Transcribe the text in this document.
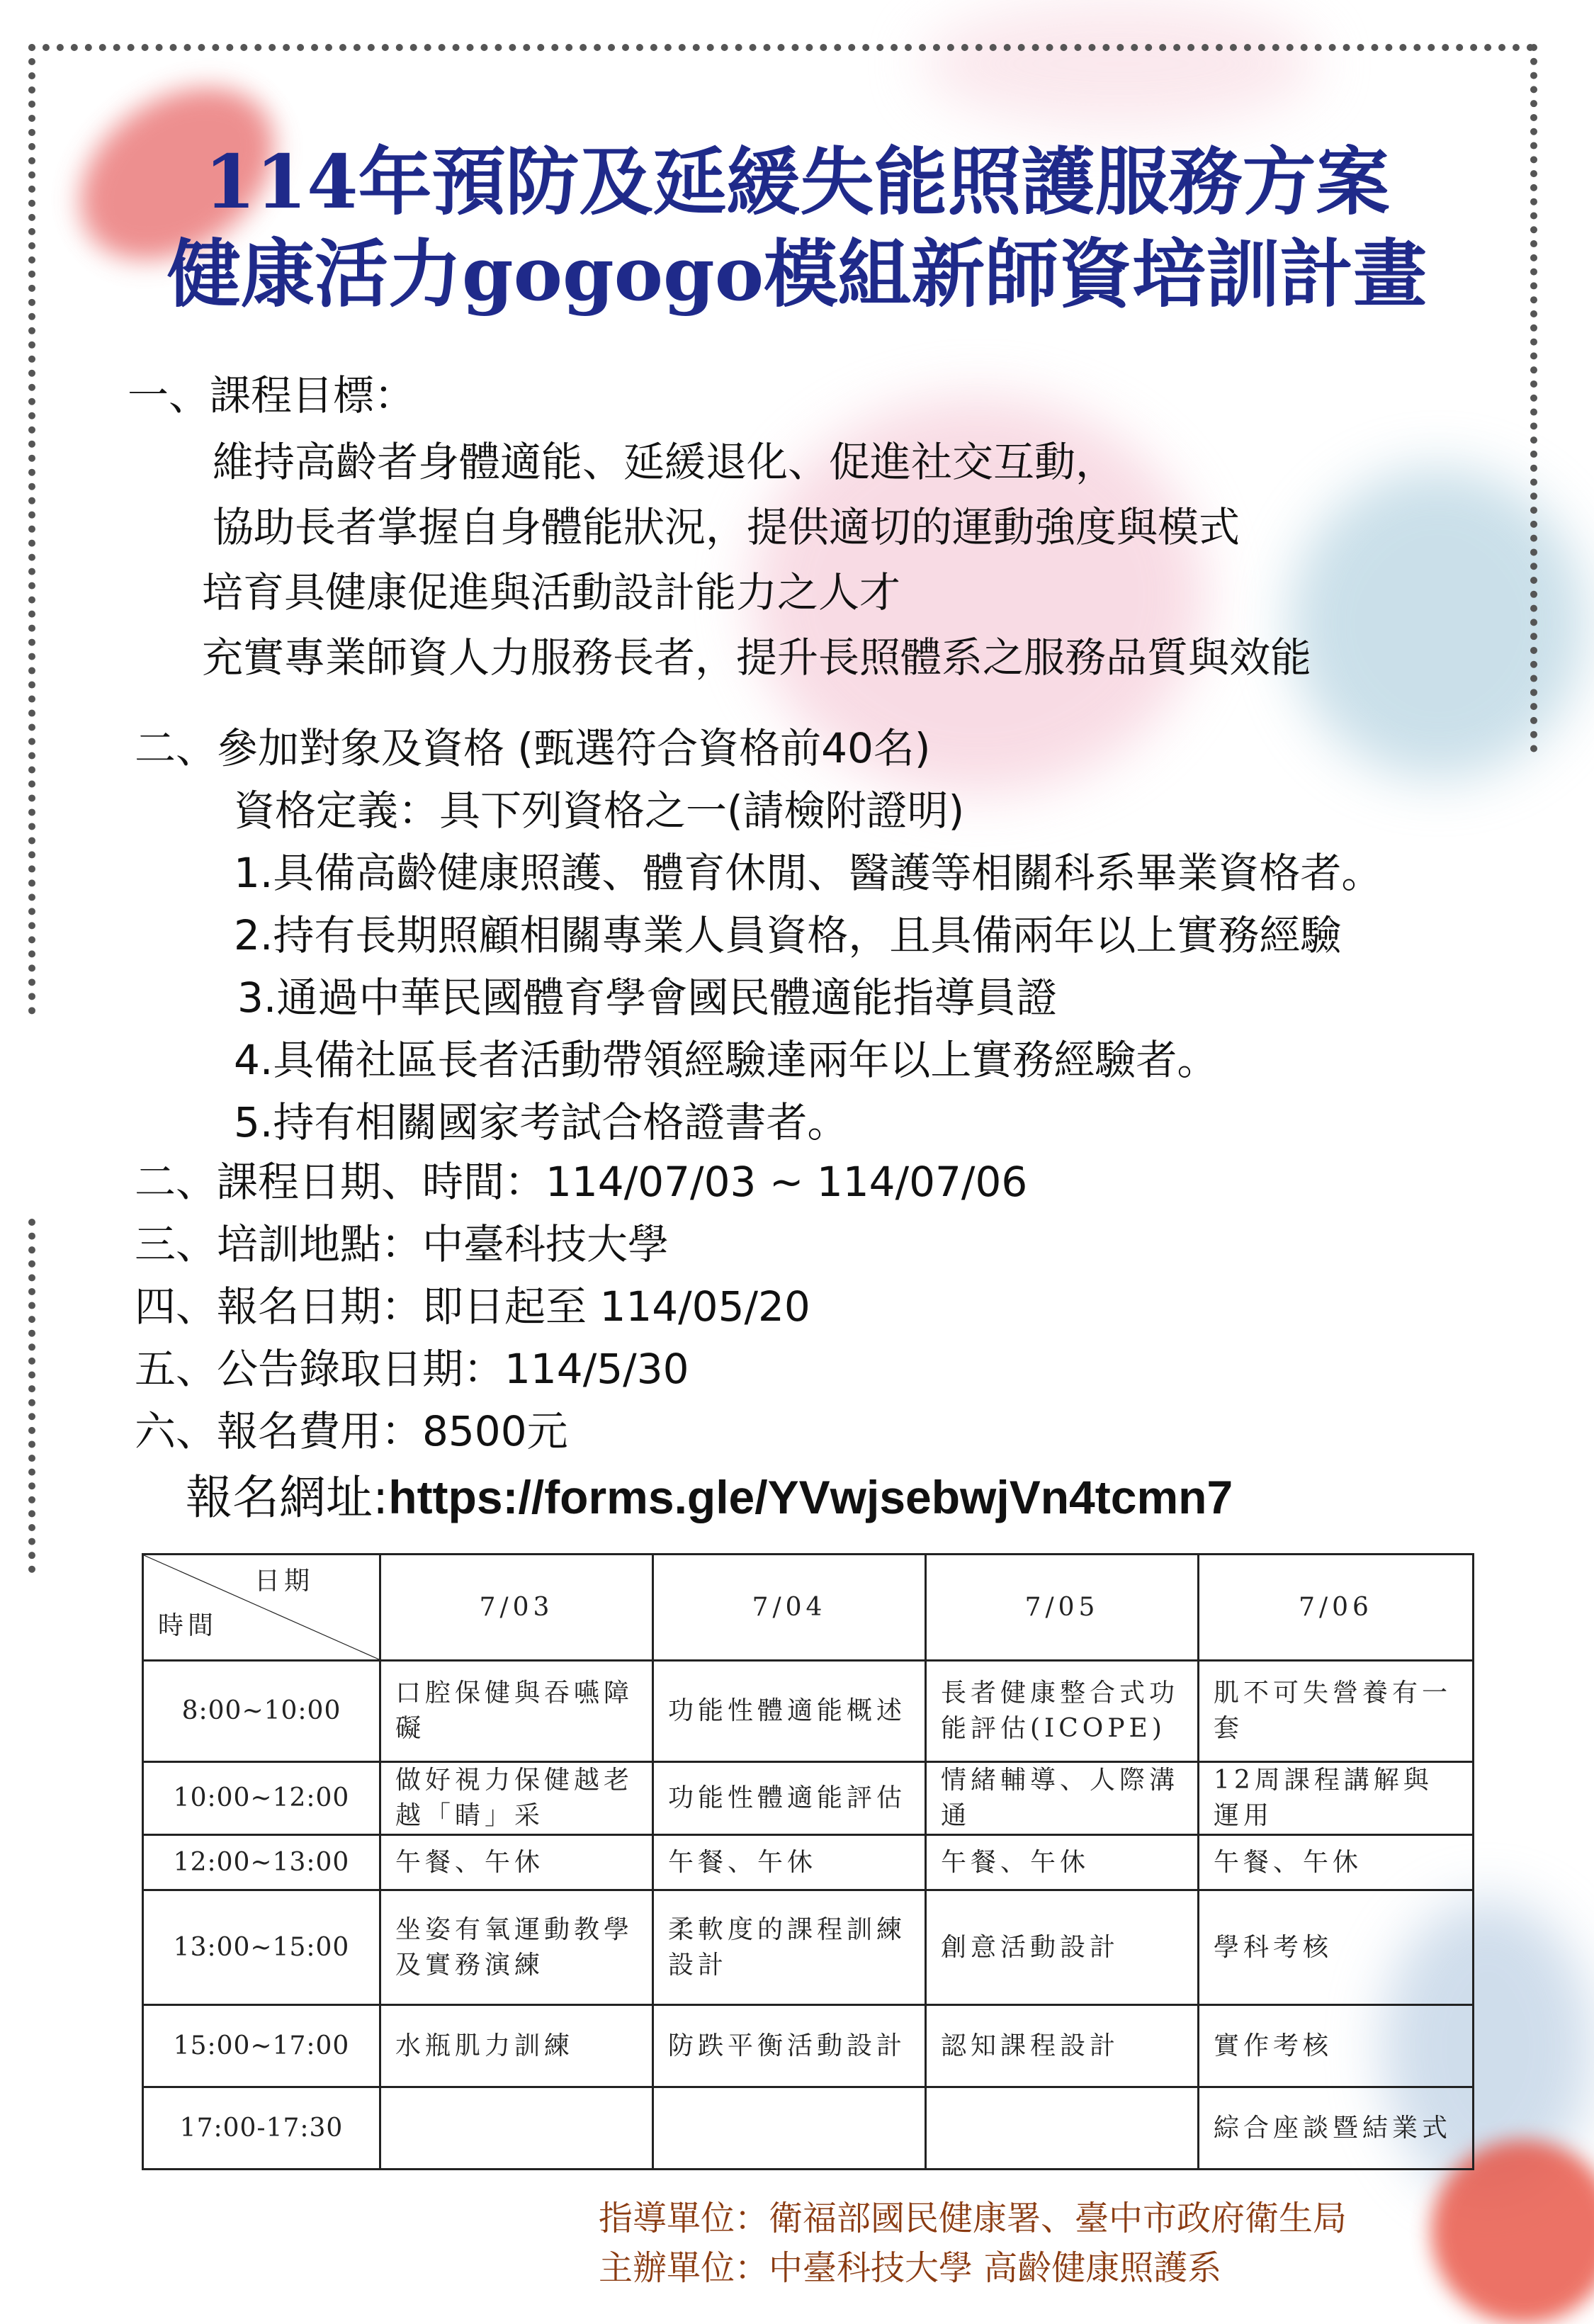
114年預防及延緩失能照護服務方案
健康活力gogogo模組新師資培訓計畫
一、課程目標：
維持高齡者身體適能、延緩退化、促進社交互動，
協助長者掌握自身體能狀況，提供適切的運動強度與模式
培育具健康促進與活動設計能力之人才
充實專業師資人力服務長者，提升長照體系之服務品質與效能
二、參加對象及資格 (甄選符合資格前40名)
資格定義：具下列資格之一(請檢附證明)
1.具備高齡健康照護、體育休閒、醫護等相關科系畢業資格者。
2.持有長期照顧相關專業人員資格，且具備兩年以上實務經驗
3.通過中華民國體育學會國民體適能指導員證
4.具備社區長者活動帶領經驗達兩年以上實務經驗者。
5.持有相關國家考試合格證書者。
二、課程日期、時間：114/07/03 ~ 114/07/06
三、培訓地點：中臺科技大學
四、報名日期：即日起至 114/05/20
五、公告錄取日期：114/5/30
六、報名費用：8500元
報名網址:https://forms.gle/YVwjsebwjVn4tcmn7
日期
時間	7/03	7/04	7/05	7/06
8:00~10:00	口腔保健與吞嚥障礙	功能性體適能概述	長者健康整合式功能評估(ICOPE)	肌不可失營養有一套
10:00~12:00	做好視力保健越老越「睛」采	功能性體適能評估	情緒輔導、人際溝通	12周課程講解與運用
12:00~13:00	午餐、午休	午餐、午休	午餐、午休	午餐、午休
13:00~15:00	坐姿有氧運動教學及實務演練	柔軟度的課程訓練設計	創意活動設計	學科考核
15:00~17:00	水瓶肌力訓練	防跌平衡活動設計	認知課程設計	實作考核
17:00-17:30				綜合座談暨結業式
指導單位：衛福部國民健康署、臺中市政府衛生局
主辦單位：中臺科技大學 高齡健康照護系
